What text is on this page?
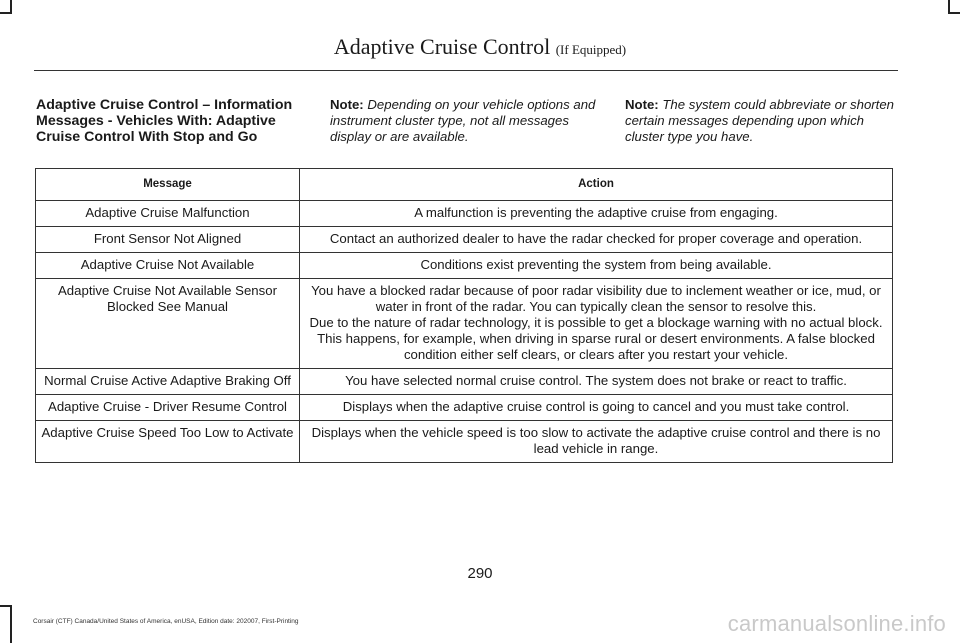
Adaptive Cruise Control (If Equipped)
Adaptive Cruise Control – Information Messages - Vehicles With: Adaptive Cruise Control With Stop and Go
Note: Depending on your vehicle options and instrument cluster type, not all messages display or are available.
Note: The system could abbreviate or shorten certain messages depending upon which cluster type you have.
Message	Action
Adaptive Cruise Malfunction	A malfunction is preventing the adaptive cruise from engaging.

Front Sensor Not Aligned	Contact an authorized dealer to have the radar checked for proper coverage and operation.

Adaptive Cruise Not Available	Conditions exist preventing the system from being available.

Adaptive Cruise Not Available Sensor Blocked See Manual	You have a blocked radar because of poor radar visibility due to inclement weather or ice, mud, or water in front of the radar. You can typically clean the sensor to resolve this.

Due to the nature of radar technology, it is possible to get a blockage warning with no actual block. This happens, for example, when driving in sparse rural or desert environments. A false blocked condition either self clears, or clears after you restart your vehicle.

Normal Cruise Active Adaptive Braking Off	You have selected normal cruise control. The system does not brake or react to traffic.

Adaptive Cruise - Driver Resume Control	Displays when the adaptive cruise control is going to cancel and you must take control.

Adaptive Cruise Speed Too Low to Activate	Displays when the vehicle speed is too slow to activate the adaptive cruise control and there is no lead vehicle in range.

290
Corsair (CTF) Canada/United States of America, enUSA, Edition date: 202007, First-Printing	carmanualsonline.info
